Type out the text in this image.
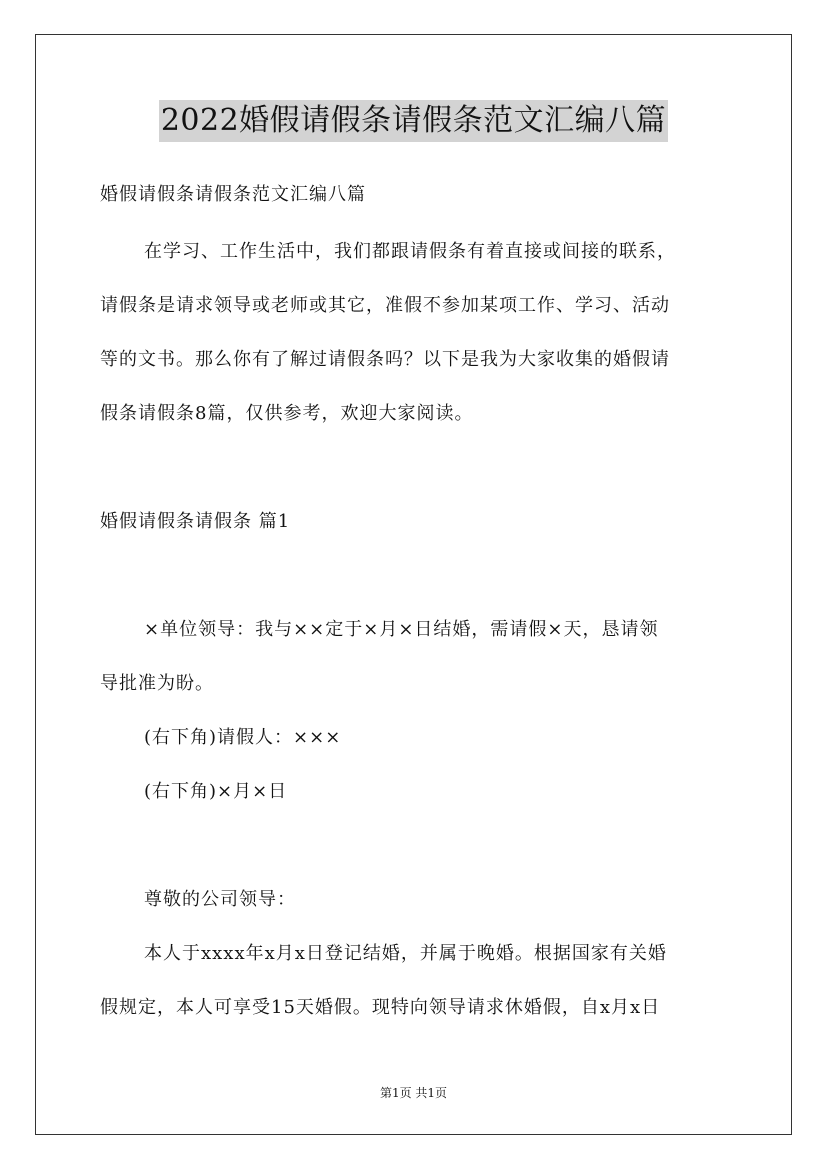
2022婚假请假条请假条范文汇编八篇

婚假请假条请假条范文汇编八篇

在学习、工作生活中，我们都跟请假条有着直接或间接的联系，

请假条是请求领导或老师或其它，准假不参加某项工作、学习、活动

等的文书。那么你有了解过请假条吗？以下是我为大家收集的婚假请

假条请假条8篇，仅供参考，欢迎大家阅读。

婚假请假条请假条 篇1

×单位领导：我与××定于×月×日结婚，需请假×天，恳请领

导批准为盼。

(右下角)请假人：×××

(右下角)×月×日

尊敬的公司领导：

本人于xxxx年x月x日登记结婚，并属于晚婚。根据国家有关婚

假规定，本人可享受15天婚假。现特向领导请求休婚假，自x月x日

第1页 共1页
